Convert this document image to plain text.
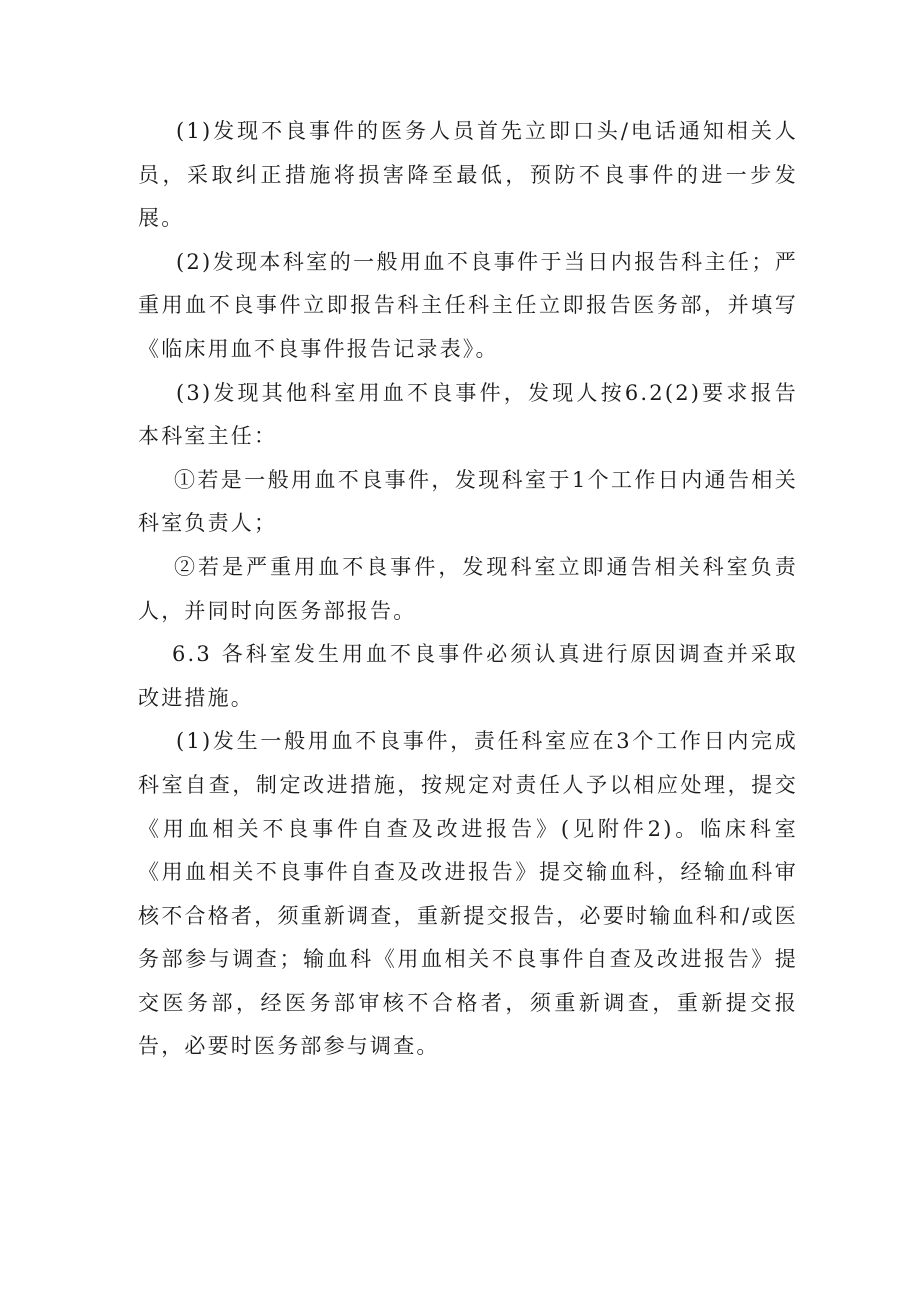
(1)发现不良事件的医务人员首先立即口头/电话通知相关人员，采取纠正措施将损害降至最低，预防不良事件的进一步发展。

(2)发现本科室的一般用血不良事件于当日内报告科主任；严重用血不良事件立即报告科主任科主任立即报告医务部，并填写《临床用血不良事件报告记录表》。

(3)发现其他科室用血不良事件，发现人按6.2(2)要求报告本科室主任：

①若是一般用血不良事件，发现科室于1个工作日内通告相关科室负责人；

②若是严重用血不良事件，发现科室立即通告相关科室负责人，并同时向医务部报告。

6.3 各科室发生用血不良事件必须认真进行原因调查并采取改进措施。

(1)发生一般用血不良事件，责任科室应在3个工作日内完成科室自查，制定改进措施，按规定对责任人予以相应处理，提交《用血相关不良事件自查及改进报告》(见附件2)。临床科室《用血相关不良事件自查及改进报告》提交输血科，经输血科审核不合格者，须重新调查，重新提交报告，必要时输血科和/或医务部参与调查；输血科《用血相关不良事件自查及改进报告》提交医务部，经医务部审核不合格者，须重新调查，重新提交报告，必要时医务部参与调查。
